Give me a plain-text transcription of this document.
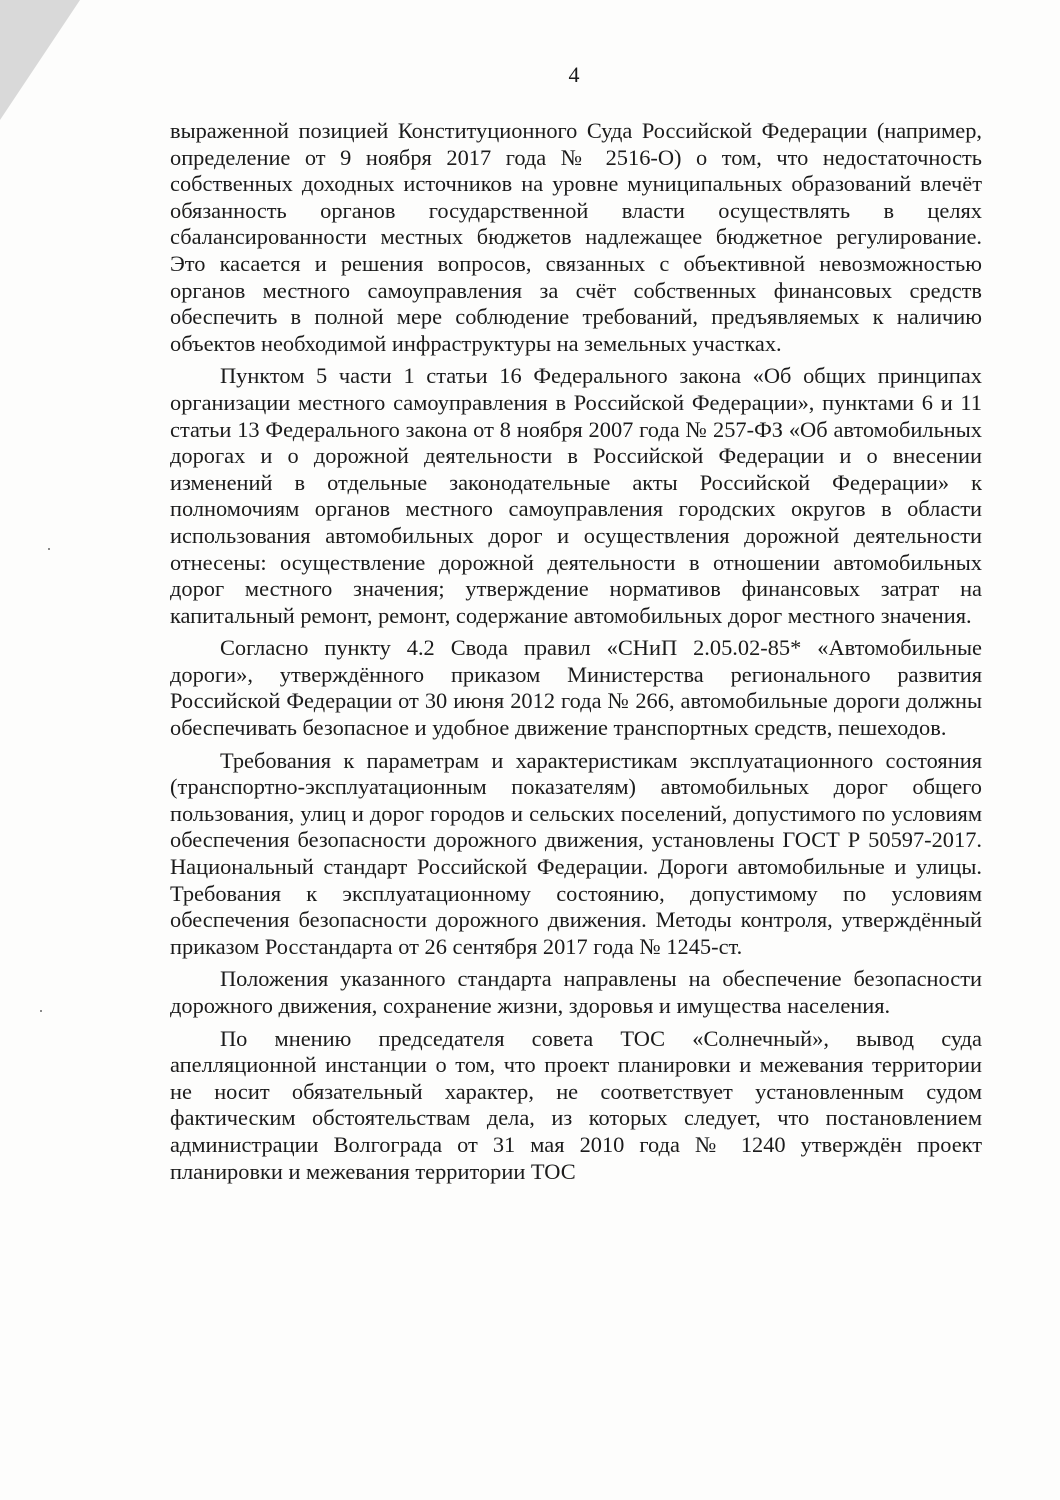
4

выраженной позицией Конституционного Суда Российской Федерации (например, определение от 9 ноября 2017 года № 2516-О) о том, что недостаточность собственных доходных источников на уровне муниципальных образований влечёт обязанность органов государственной власти осуществлять в целях сбалансированности местных бюджетов надлежащее бюджетное регулирование. Это касается и решения вопросов, связанных с объективной невозможностью органов местного самоуправления за счёт собственных финансовых средств обеспечить в полной мере соблюдение требований, предъявляемых к наличию объектов необходимой инфраструктуры на земельных участках.

Пунктом 5 части 1 статьи 16 Федерального закона «Об общих принципах организации местного самоуправления в Российской Федерации», пунктами 6 и 11 статьи 13 Федерального закона от 8 ноября 2007 года № 257-ФЗ «Об автомобильных дорогах и о дорожной деятельности в Российской Федерации и о внесении изменений в отдельные законодательные акты Российской Федерации» к полномочиям органов местного самоуправления городских округов в области использования автомобильных дорог и осуществления дорожной деятельности отнесены: осуществление дорожной деятельности в отношении автомобильных дорог местного значения; утверждение нормативов финансовых затрат на капитальный ремонт, ремонт, содержание автомобильных дорог местного значения.

Согласно пункту 4.2 Свода правил «СНиП 2.05.02-85* «Автомобильные дороги», утверждённого приказом Министерства регионального развития Российской Федерации от 30 июня 2012 года № 266, автомобильные дороги должны обеспечивать безопасное и удобное движение транспортных средств, пешеходов.

Требования к параметрам и характеристикам эксплуатационного состояния (транспортно-эксплуатационным показателям) автомобильных дорог общего пользования, улиц и дорог городов и сельских поселений, допустимого по условиям обеспечения безопасности дорожного движения, установлены ГОСТ Р 50597-2017. Национальный стандарт Российской Федерации. Дороги автомобильные и улицы. Требования к эксплуатационному состоянию, допустимому по условиям обеспечения безопасности дорожного движения. Методы контроля, утверждённый приказом Росстандарта от 26 сентября 2017 года № 1245-ст.

Положения указанного стандарта направлены на обеспечение безопасности дорожного движения, сохранение жизни, здоровья и имущества населения.

По мнению председателя совета ТОС «Солнечный», вывод суда апелляционной инстанции о том, что проект планировки и межевания территории не носит обязательный характер, не соответствует установленным судом фактическим обстоятельствам дела, из которых следует, что постановлением администрации Волгограда от 31 мая 2010 года № 1240 утверждён проект планировки и межевания территории ТОС
